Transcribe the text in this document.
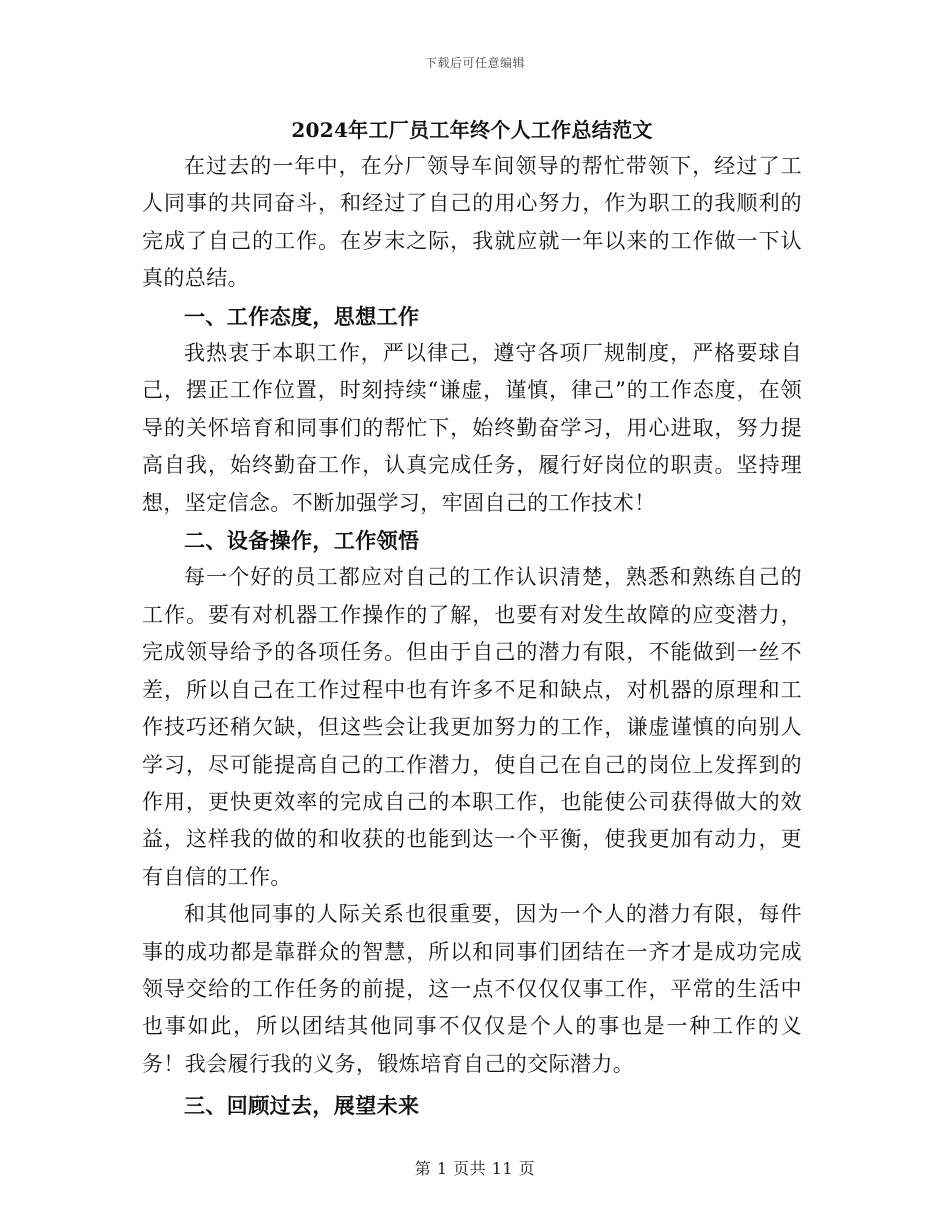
下载后可任意编辑
2024年工厂员工年终个人工作总结范文

在过去的一年中，在分厂领导车间领导的帮忙带领下，经过了工人同事的共同奋斗，和经过了自己的用心努力，作为职工的我顺利的完成了自己的工作。在岁末之际，我就应就一年以来的工作做一下认真的总结。

一、工作态度，思想工作

我热衷于本职工作，严以律己，遵守各项厂规制度，严格要球自己，摆正工作位置，时刻持续“谦虚，谨慎，律己”的工作态度，在领导的关怀培育和同事们的帮忙下，始终勤奋学习，用心进取，努力提高自我，始终勤奋工作，认真完成任务，履行好岗位的职责。坚持理想，坚定信念。不断加强学习，牢固自己的工作技术！

二、设备操作，工作领悟

每一个好的员工都应对自己的工作认识清楚，熟悉和熟练自己的工作。要有对机器工作操作的了解，也要有对发生故障的应变潜力，完成领导给予的各项任务。但由于自己的潜力有限，不能做到一丝不差，所以自己在工作过程中也有许多不足和缺点，对机器的原理和工作技巧还稍欠缺，但这些会让我更加努力的工作，谦虚谨慎的向别人学习，尽可能提高自己的工作潜力，使自己在自己的岗位上发挥到的作用，更快更效率的完成自己的本职工作，也能使公司获得做大的效益，这样我的做的和收获的也能到达一个平衡，使我更加有动力，更有自信的工作。

和其他同事的人际关系也很重要，因为一个人的潜力有限，每件事的成功都是靠群众的智慧，所以和同事们团结在一齐才是成功完成领导交给的工作任务的前提，这一点不仅仅仅事工作，平常的生活中也事如此，所以团结其他同事不仅仅是个人的事也是一种工作的义务！我会履行我的义务，锻炼培育自己的交际潜力。

三、回顾过去，展望未来

第 1 页共 11 页
